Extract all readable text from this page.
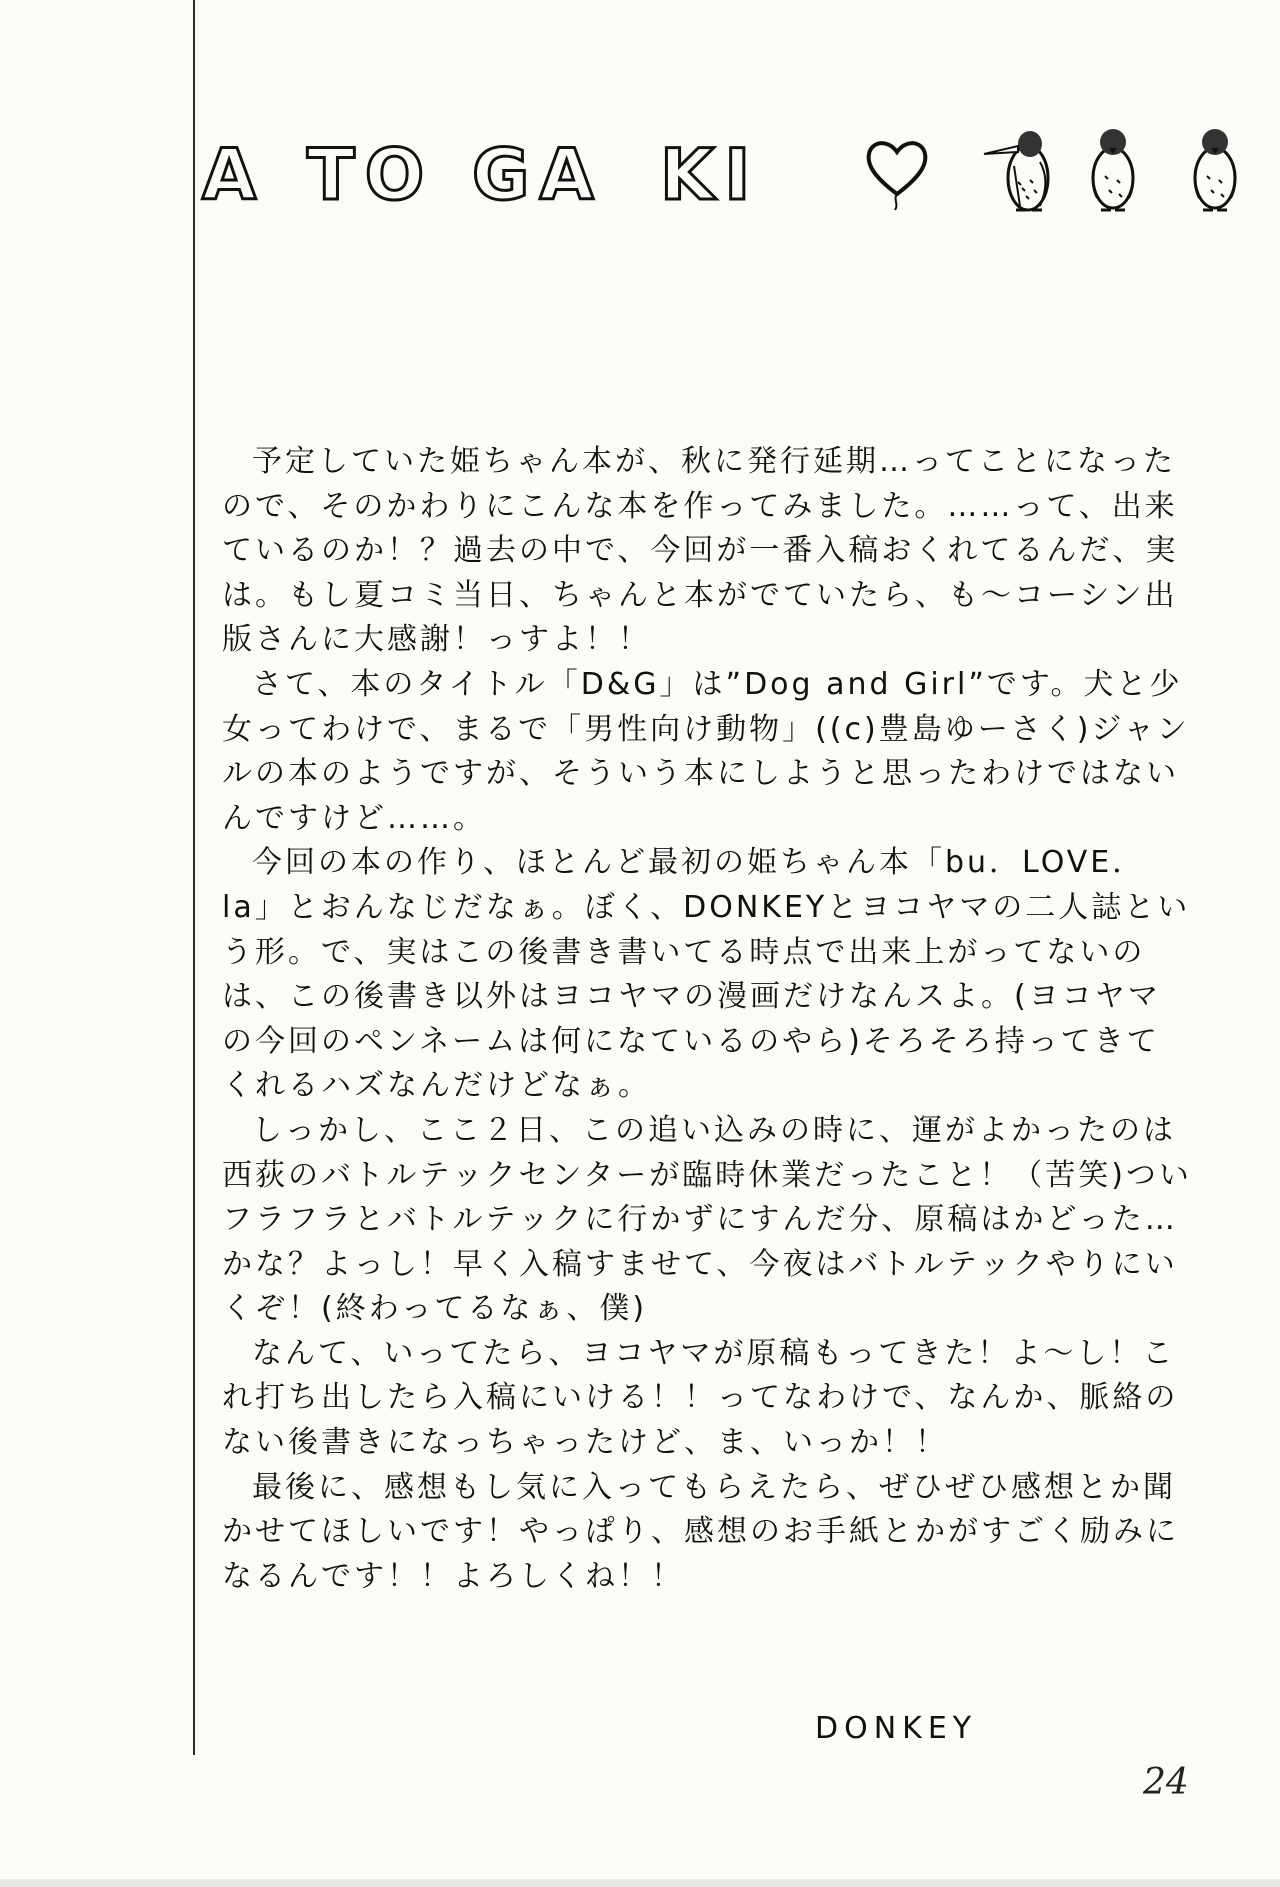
A TO GA KI

予定していた姫ちゃん本が、秋に発行延期…ってことになったので、そのかわりにこんな本を作ってみました。……って、出来ているのか！？過去の中で、今回が一番入稿おくれてるんだ、実は。もし夏コミ当日、ちゃんと本がでていたら、も〜コーシン出版さんに大感謝！っすよ！！

さて、本のタイトル「D&G」は”Dog and Girl”です。犬と少女ってわけで、まるで「男性向け動物」((c)豊島ゆーさく)ジャンルの本のようですが、そういう本にしようと思ったわけではないんですけど……。

今回の本の作り、ほとんど最初の姫ちゃん本「bu．LOVE．la」とおんなじだなぁ。ぼく、DONKEYとヨコヤマの二人誌という形。で、実はこの後書き書いてる時点で出来上がってないのは、この後書き以外はヨコヤマの漫画だけなんスよ。(ヨコヤマの今回のペンネームは何になているのやら)そろそろ持ってきてくれるハズなんだけどなぁ。

しっかし、ここ２日、この追い込みの時に、運がよかったのは西荻のバトルテックセンターが臨時休業だったこと！（苦笑)ついフラフラとバトルテックに行かずにすんだ分、原稿はかどった…かな？よっし！早く入稿すませて、今夜はバトルテックやりにいくぞ！(終わってるなぁ、僕)

なんて、いってたら、ヨコヤマが原稿もってきた！よ〜し！これ打ち出したら入稿にいける！！ってなわけで、なんか、脈絡のない後書きになっちゃったけど、ま、いっか！！

最後に、感想もし気に入ってもらえたら、ぜひぜひ感想とか聞かせてほしいです！やっぱり、感想のお手紙とかがすごく励みになるんです！！よろしくね！！

DONKEY
24
